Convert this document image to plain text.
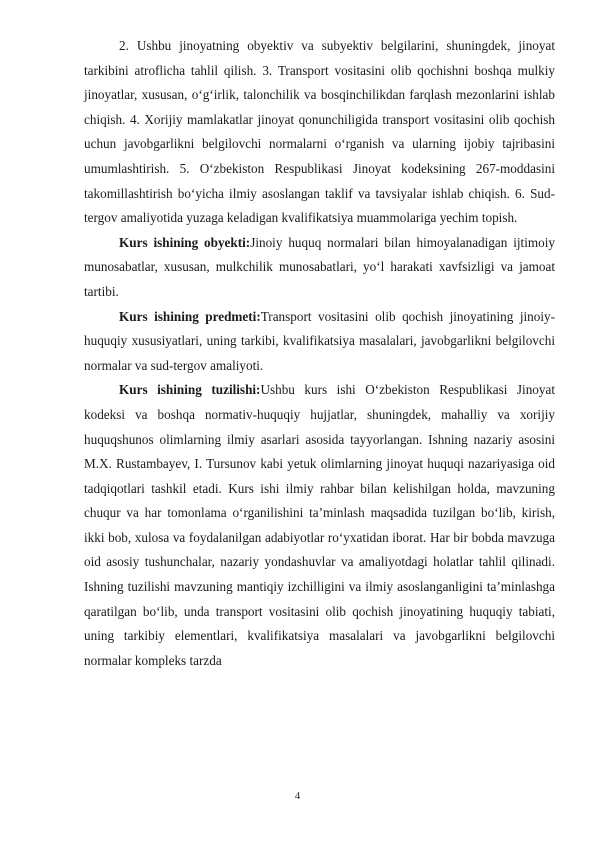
2. Ushbu jinoyatning obyektiv va subyektiv belgilarini, shuningdek, jinoyat tarkibini atroflicha tahlil qilish. 3. Transport vositasini olib qochishni boshqa mulkiy jinoyatlar, xususan, o‘g‘irlik, talonchilik va bosqinchilikdan farqlash mezonlarini ishlab chiqish. 4. Xorijiy mamlakatlar jinoyat qonunchiligida transport vositasini olib qochish uchun javobgarlikni belgilovchi normalarni o‘rganish va ularning ijobiy tajribasini umumlashtirish. 5. O‘zbekiston Respublikasi Jinoyat kodeksining 267-moddasini takomillashtirish bo‘yicha ilmiy asoslangan taklif va tavsiyalar ishlab chiqish. 6. Sud-tergov amaliyotida yuzaga keladigan kvalifikatsiya muammolariga yechim topish.

Kurs ishining obyekti:Jinoiy huquq normalari bilan himoyalanadigan ijtimoiy munosabatlar, xususan, mulkchilik munosabatlari, yo‘l harakati xavfsizligi va jamoat tartibi.

Kurs ishining predmeti:Transport vositasini olib qochish jinoyatining jinoiy-huquqiy xususiyatlari, uning tarkibi, kvalifikatsiya masalalari, javobgarlikni belgilovchi normalar va sud-tergov amaliyoti.

Kurs ishining tuzilishi:Ushbu kurs ishi O‘zbekiston Respublikasi Jinoyat kodeksi va boshqa normativ-huquqiy hujjatlar, shuningdek, mahalliy va xorijiy huquqshunos olimlarning ilmiy asarlari asosida tayyorlangan. Ishning nazariy asosini M.X. Rustambayev, I. Tursunov kabi yetuk olimlarning jinoyat huquqi nazariyasiga oid tadqiqotlari tashkil etadi. Kurs ishi ilmiy rahbar bilan kelishilgan holda, mavzuning chuqur va har tomonlama o‘rganilishini ta’minlash maqsadida tuzilgan bo‘lib, kirish, ikki bob, xulosa va foydalanilgan adabiyotlar ro‘yxatidan iborat. Har bir bobda mavzuga oid asosiy tushunchalar, nazariy yondashuvlar va amaliyotdagi holatlar tahlil qilinadi. Ishning tuzilishi mavzuning mantiqiy izchilligini va ilmiy asoslanganligini ta’minlashga qaratilgan bo‘lib, unda transport vositasini olib qochish jinoyatining huquqiy tabiati, uning tarkibiy elementlari, kvalifikatsiya masalalari va javobgarlikni belgilovchi normalar kompleks tarzda

4
